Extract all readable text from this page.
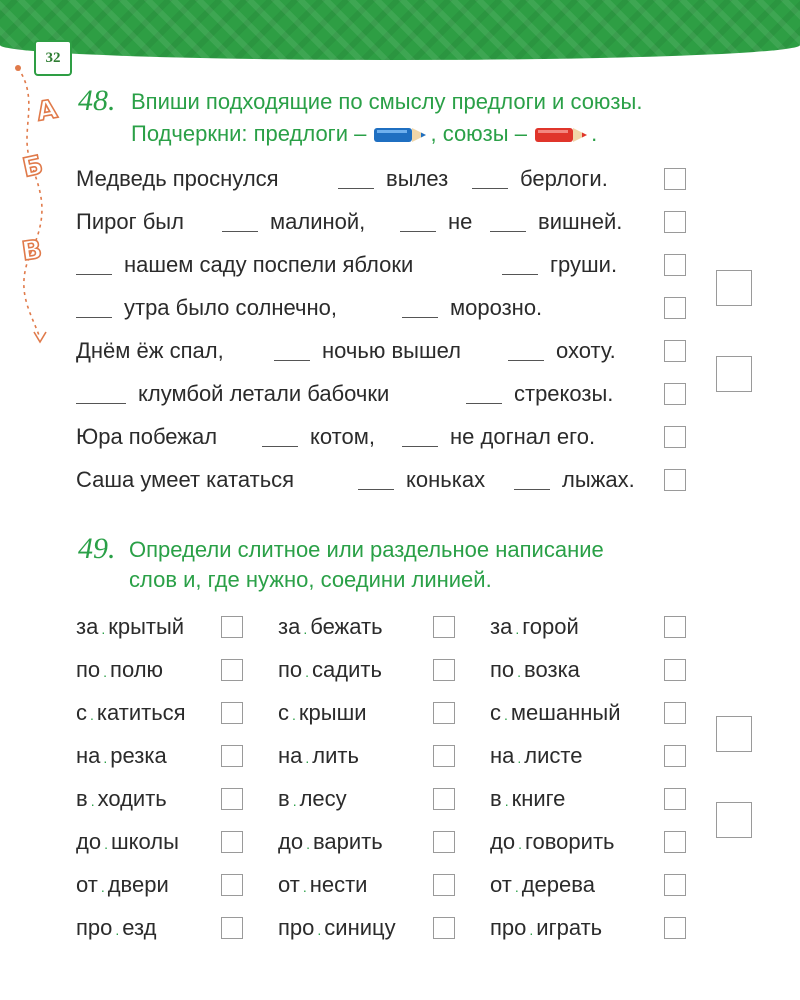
32
А
Б
В
48. Впиши подходящие по смыслу предлоги и союзы.
Подчеркни: предлоги –	, союзы –	.
Медведь проснулся	вылез	берлоги.
Пирог был	малиной,	не	вишней.
нашем саду поспели яблоки	груши.
утра было солнечно,	морозно.
Днём ёж спал,	ночью вышел	охоту.
клумбой летали бабочки	стрекозы.
Юра побежал	котом,	не догнал его.
Саша умеет кататься	коньках	лыжах.
49. Определи слитное или раздельное написание
слов и, где нужно, соедини линией.
за . крытый	за . бежать	за . горой
по . полю	по . садить	по . возка
с . катиться	с . крыши	с . мешанный
на . резка	на . лить	на . листе
в . ходить	в . лесу	в . книге
до . школы	до . варить	до . говорить
от . двери	от . нести	от . дерева
про . езд	про . синицу	про . играть
